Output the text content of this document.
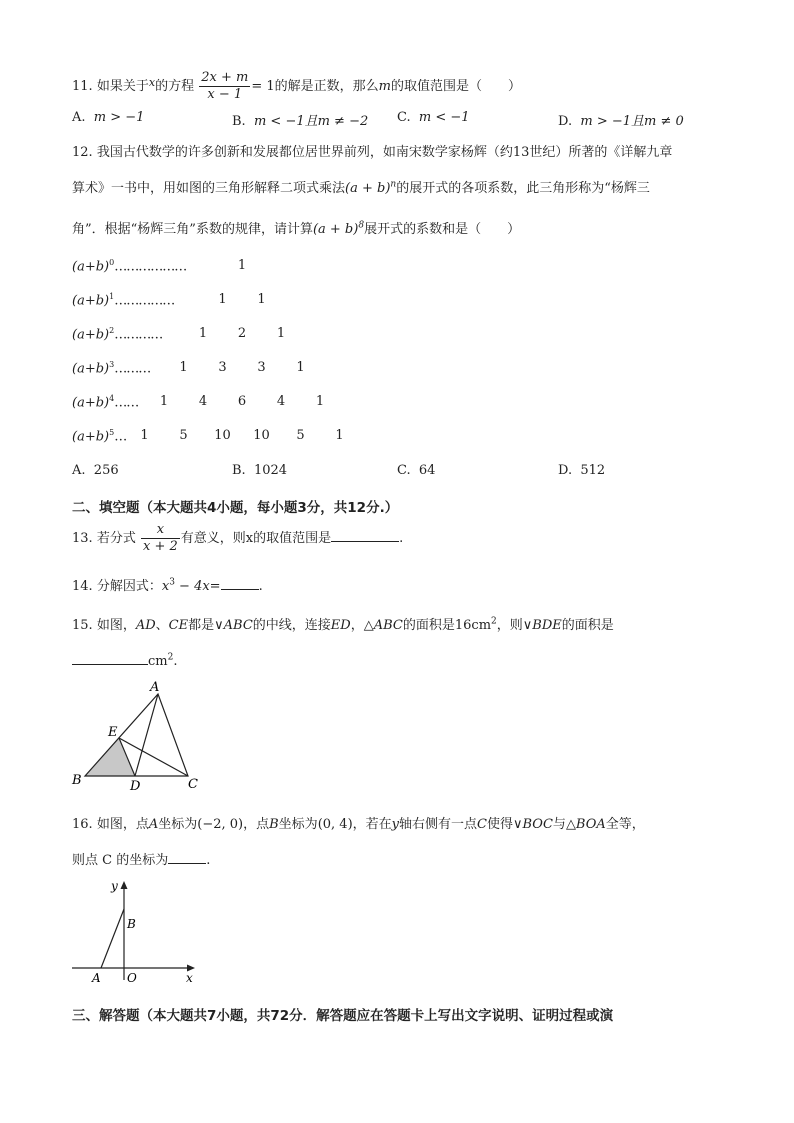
11. 如果关于$^x$的方程 $\frac{2x + m}{x - 1} = 1$的解是正数，那么m的取值范围是（　　）
A. m > −1	B. m < −1且m ≠ −2 C. m < −1	D. m > −1且m ≠ 0
12. 我国古代数学的许多创新和发展都位居世界前列，如南宋数学家杨辉（约13世纪）所著的《详解九章
算术》一书中，用如图的三角形解释二项式乘法$(a + b)^n$的展开式的各项系数，此三角形称为“杨辉三
角”．根据“杨辉三角”系数的规律，请计算$(a + b)^8$展开式的系数和是（　　）
$(a+b)^0\dots\dots\dots\dots\dots\dots$	1
$(a+b)^1\dots\dots\dots\dots\dots$	1	1
$(a+b)^2\dots\dots\dots\dots$	1	2	1
$(a+b)^3\dots\dots\dots$	1	3	3	1
$(a+b)^4\dots\dots$	1	4	6	4	1
$(a+b)^5\dots$	1	5	10	10	5	1
A. 256	B. 1024	C. 64	D. 512
二、填空题（本大题共4小题，每小题3分，共12分.）
13. 若分式 $\frac{x}{x + 2}$ 有意义，则x的取值范围是	.
14. 分解因式：$x^3 - 4x=$	.
15. 如图，AD、CE都是∨ABC的中线，连接ED，△ABC的面积是$16cm^2$，则∨BDE的面积是
$cm^2$.
A
B	C
D
E
16. 如图，点A坐标为(−2, 0)，点B坐标为(0, 4)，若在y轴右侧有一点C使得∨BOC与△BOA全等，
则点 C 的坐标为	.
y
x
B
A O
三、解答题（本大题共7小题，共72分．解答题应在答题卡上写出文字说明、证明过程或演
